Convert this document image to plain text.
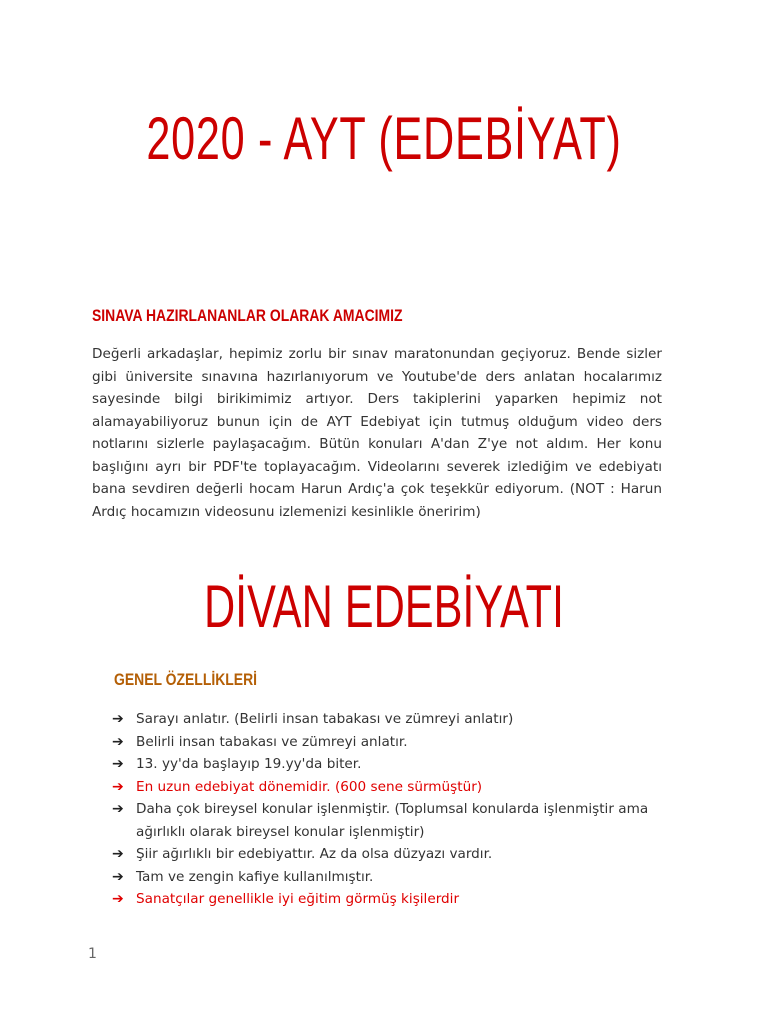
2020 - AYT (EDEBİYAT)
SINAVA HAZIRLANANLAR OLARAK AMACIMIZ

Değerli arkadaşlar, hepimiz zorlu bir sınav maratonundan geçiyoruz. Bende sizler gibi üniversite sınavına hazırlanıyorum ve Youtube'de ders anlatan hocalarımız sayesinde bilgi birikimimiz artıyor. Ders takiplerini yaparken hepimiz not alamayabiliyoruz bunun için de AYT Edebiyat için tutmuş olduğum video ders notlarını sizlerle paylaşacağım. Bütün konuları A'dan Z'ye not aldım. Her konu başlığını ayrı bir PDF'te toplayacağım. Videolarını severek izlediğim ve edebiyatı bana sevdiren değerli hocam Harun Ardıç'a çok teşekkür ediyorum. (NOT : Harun Ardıç hocamızın videosunu izlemenizi kesinlikle öneririm)

DİVAN EDEBİYATI
GENEL ÖZELLİKLERİ
➔ Sarayı anlatır. (Belirli insan tabakası ve zümreyi anlatır)
➔ Belirli insan tabakası ve zümreyi anlatır.
➔ 13. yy'da başlayıp 19.yy'da biter.
➔ En uzun edebiyat dönemidir. (600 sene sürmüştür)
➔ Daha çok bireysel konular işlenmiştir. (Toplumsal konularda işlenmiştir ama ağırlıklı olarak bireysel konular işlenmiştir)
➔ Şiir ağırlıklı bir edebiyattır. Az da olsa düzyazı vardır.
➔ Tam ve zengin kafiye kullanılmıştır.
➔ Sanatçılar genellikle iyi eğitim görmüş kişilerdir
1
